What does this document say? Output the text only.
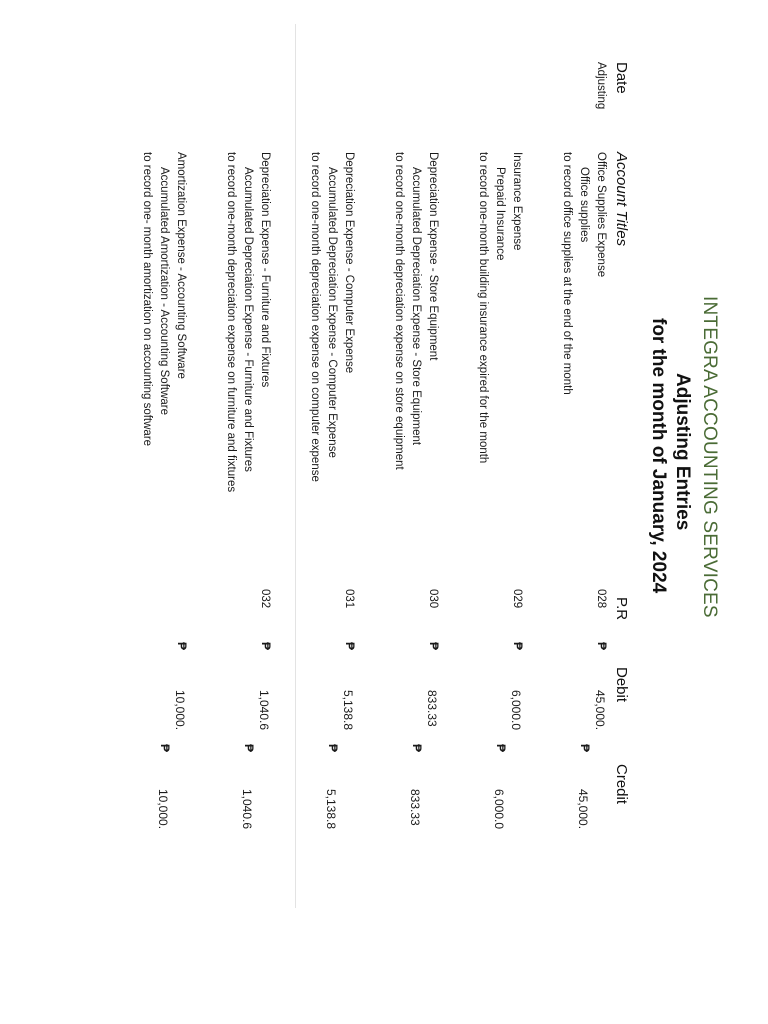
INTEGRA ACCOUNTING SERVICES
Adjusting Entries
for the month of January, 2024
Date
Account Titles
P.R
Debit
Credit
Adjusting
Office Supplies Expense
Office supplies
to record office supplies at the end of the month
028
₱
45,000.
₱
45,000.
Insurance Expense
Prepaid Insurance
to record one-month building insurance expired for the month
029
₱
6,000.0
₱
6,000.0
Depreciation Expense - Store Equipment
Accumulated Depreciation Expense - Store Equipment
to record one-month depreciation expense on store equipment
030
₱
833.33
₱
833.33
Depreciation Expense - Computer Expense
Accumulated Depreciation Expense - Computer Expense
to record one-month depreciation expense on computer expense
031
₱
5,138.8
₱
5,138.8
Depreciation Expense - Furniture and Fixtures
Accumulated Depreciation Expense - Furniture and Fixtures
to record one-month depreciation expense on furniture and fixtures
032
₱
1,040.6
₱
1,040.6
Amortization Expense - Accounting Software
Accumulated Amortization - Accounting Software
to record one- month amortization on accounting software
₱
10,000.
₱
10,000.
